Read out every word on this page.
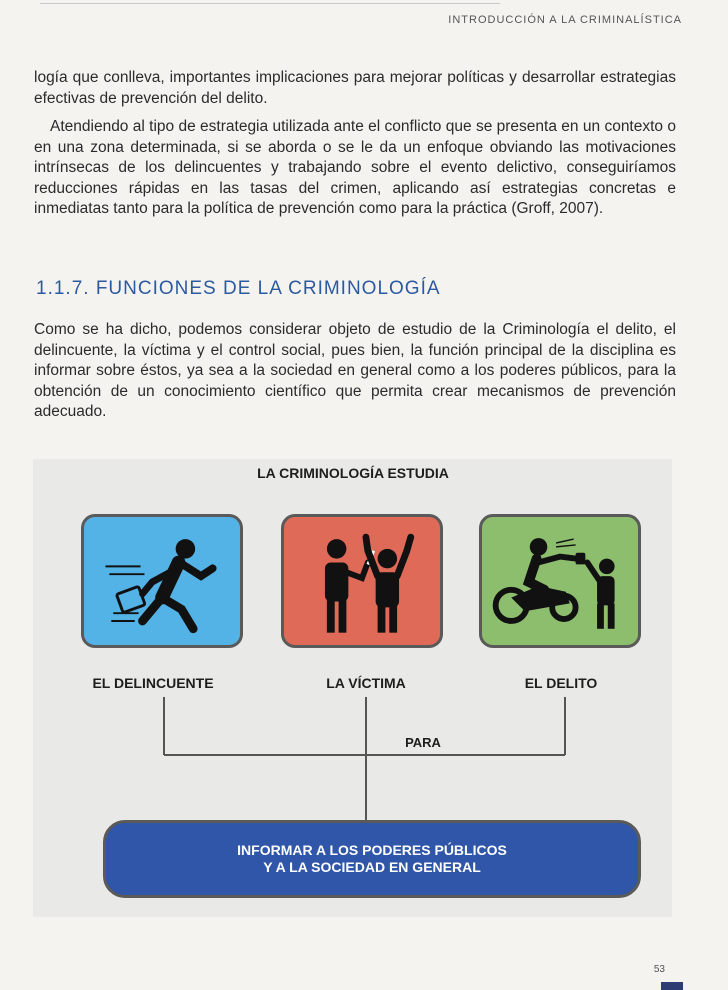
INTRODUCCIÓN A LA CRIMINALÍSTICA

logía que conlleva, importantes implicaciones para mejorar políticas y desarrollar estrategias efectivas de prevención del delito.

Atendiendo al tipo de estrategia utilizada ante el conflicto que se presenta en un contexto o en una zona determinada, si se aborda o se le da un enfoque obviando las motivaciones intrínsecas de los delincuentes y trabajando sobre el evento delictivo, conseguiríamos reducciones rápidas en las tasas del crimen, aplicando así estrategias concretas e inmediatas tanto para la política de prevención como para la práctica (Groff, 2007).

1.1.7. FUNCIONES DE LA CRIMINOLOGÍA

Como se ha dicho, podemos considerar objeto de estudio de la Criminología el delito, el delincuente, la víctima y el control social, pues bien, la función principal de la disciplina es informar sobre éstos, ya sea a la sociedad en general como a los poderes públicos, para la obtención de un conocimiento científico que permita crear mecanismos de prevención adecuado.

LA CRIMINOLOGÍA ESTUDIA
EL DELINCUENTE	LA VÍCTIMA	EL DELITO
PARA
INFORMAR A LOS PODERES PÚBLICOS
Y A LA SOCIEDAD EN GENERAL
53
